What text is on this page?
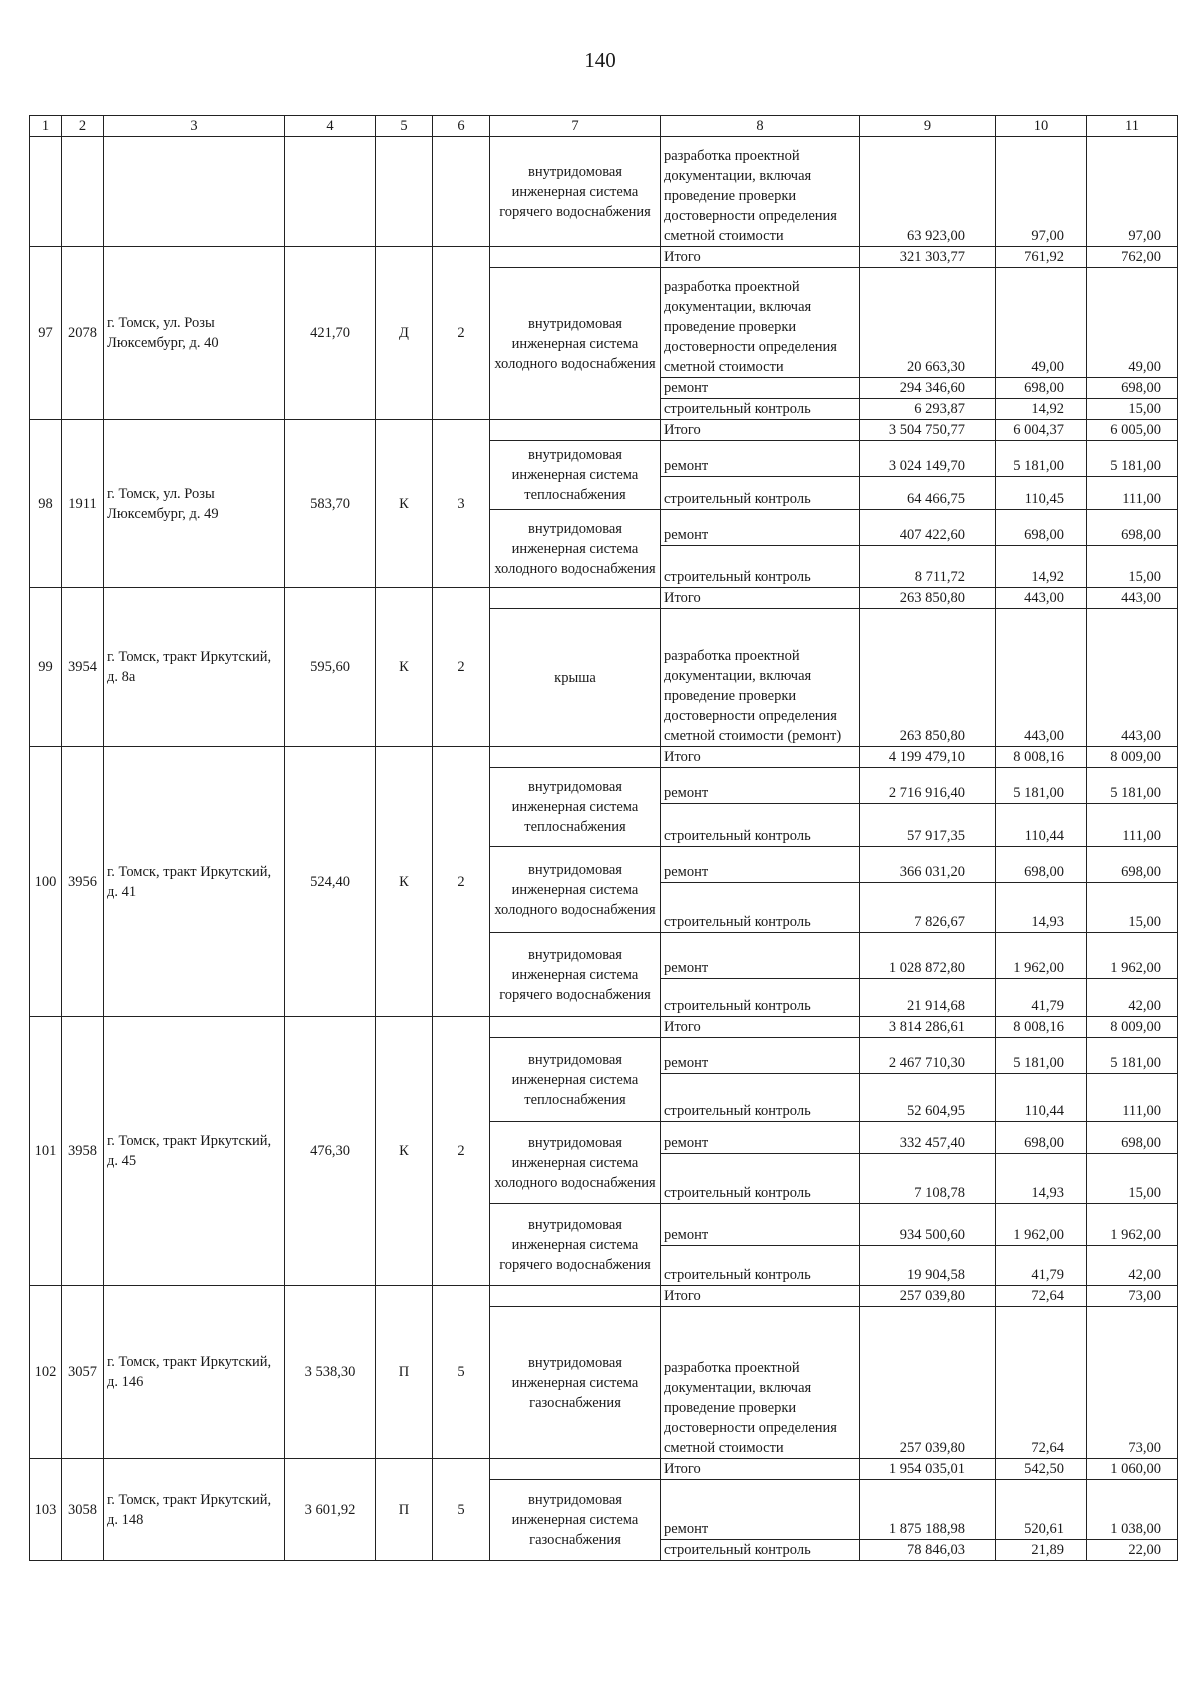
140
1	2	3	4	5	6	7	8	9	10	11
						внутридомовая инженерная система горячего водоснабжения	разработка проектной документации, включая проведение проверки достоверности определения сметной стоимости	63 923,00	97,00	97,00
97	2078	г. Томск, ул. Розы Люксембург, д. 40	421,70	Д	2		Итого	321 303,77	761,92	762,00
						внутридомовая инженерная система холодного водоснабжения	разработка проектной документации, включая проведение проверки достоверности определения сметной стоимости	20 663,30	49,00	49,00
							ремонт	294 346,60	698,00	698,00
							строительный контроль	6 293,87	14,92	15,00
98	1911	г. Томск, ул. Розы Люксембург, д. 49	583,70	К	3		Итого	3 504 750,77	6 004,37	6 005,00
						внутридомовая инженерная система теплоснабжения	ремонт	3 024 149,70	5 181,00	5 181,00
							строительный контроль	64 466,75	110,45	111,00
						внутридомовая инженерная система холодного водоснабжения	ремонт	407 422,60	698,00	698,00
							строительный контроль	8 711,72	14,92	15,00
99	3954	г. Томск, тракт Иркутский, д. 8а	595,60	К	2		Итого	263 850,80	443,00	443,00
						крыша	разработка проектной документации, включая проведение проверки достоверности определения сметной стоимости (ремонт)	263 850,80	443,00	443,00
100	3956	г. Томск, тракт Иркутский, д. 41	524,40	К	2		Итого	4 199 479,10	8 008,16	8 009,00
						внутридомовая инженерная система теплоснабжения	ремонт	2 716 916,40	5 181,00	5 181,00
							строительный контроль	57 917,35	110,44	111,00
						внутридомовая инженерная система холодного водоснабжения	ремонт	366 031,20	698,00	698,00
							строительный контроль	7 826,67	14,93	15,00
						внутридомовая инженерная система горячего водоснабжения	ремонт	1 028 872,80	1 962,00	1 962,00
							строительный контроль	21 914,68	41,79	42,00
101	3958	г. Томск, тракт Иркутский, д. 45	476,30	К	2		Итого	3 814 286,61	8 008,16	8 009,00
						внутридомовая инженерная система теплоснабжения	ремонт	2 467 710,30	5 181,00	5 181,00
							строительный контроль	52 604,95	110,44	111,00
						внутридомовая инженерная система холодного водоснабжения	ремонт	332 457,40	698,00	698,00
							строительный контроль	7 108,78	14,93	15,00
						внутридомовая инженерная система горячего водоснабжения	ремонт	934 500,60	1 962,00	1 962,00
							строительный контроль	19 904,58	41,79	42,00
102	3057	г. Томск, тракт Иркутский, д. 146	3 538,30	П	5		Итого	257 039,80	72,64	73,00
						внутридомовая инженерная система газоснабжения	разработка проектной документации, включая проведение проверки достоверности определения сметной стоимости	257 039,80	72,64	73,00
103	3058	г. Томск, тракт Иркутский, д. 148	3 601,92	П	5		Итого	1 954 035,01	542,50	1 060,00
						внутридомовая инженерная система газоснабжения	ремонт	1 875 188,98	520,61	1 038,00
							строительный контроль	78 846,03	21,89	22,00
